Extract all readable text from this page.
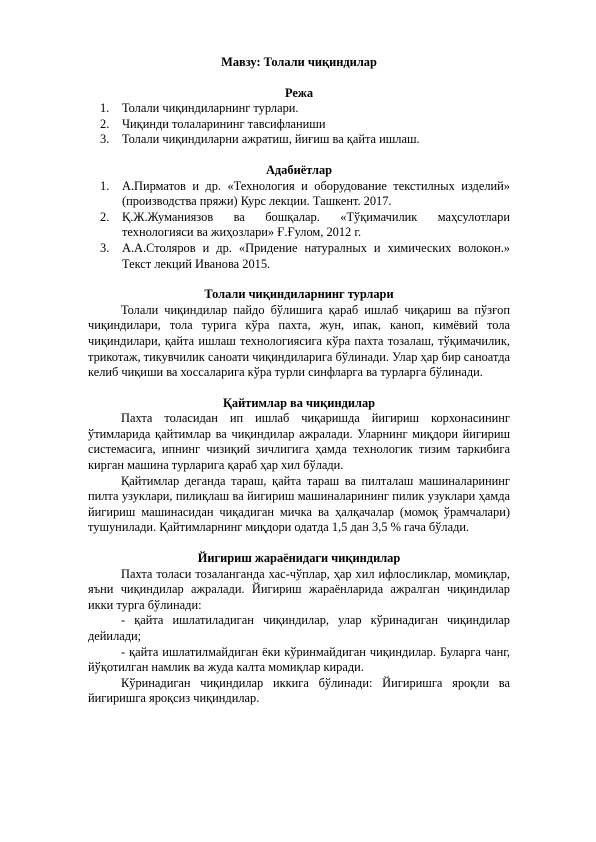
Мавзу: Толали чиқиндилар
Режа
1. Толали чиқиндиларнинг турлари.
2. Чиқинди толаларининг тавсифланиши
3. Толали чиқиндиларни ажратиш, йиғиш ва қайта ишлаш.
Адабиётлар
1. А.Пирматов и др. «Технология и оборудование текстилных изделий» (производства пряжи) Курс лекции. Ташкент. 2017.
2. Қ.Ж.Жуманиязов ва бошқалар. «Тўқимачилик маҳсулотлари технологияси ва жиҳозлари» Ғ.Ғулом, 2012 г.
3. А.А.Столяров и др. «Придение натуралных и химических волокон.» Текст лекций Иванова 2015.
Толали чиқиндиларнинг турлари

Толали чиқиндилар пайдо бўлишига қараб ишлаб чиқариш ва пўзғоп чиқиндилари, тола турига кўра пахта, жун, ипак, каноп, кимёвий тола чиқиндилари, қайта ишлаш технологиясига кўра пахта тозалаш, тўқимачилик, трикотаж, тикувчилик саноати чиқиндиларига бўлинади. Улар ҳар бир саноатда келиб чиқиши ва хоссаларига кўра турли синфларга ва турларга бўлинади.

Қайтимлар ва чиқиндилар

Пахта толасидан ип ишлаб чиқаришда йигириш корхонасининг ўтимларида қайтимлар ва чиқиндилар ажралади. Уларнинг миқдори йигириш системасига, ипнинг чизиқий зичлигига ҳамда технологик тизим таркибига кирган машина турларига қараб ҳар хил бўлади.

Қайтимлар деганда тараш, қайта тараш ва пилталаш машиналарининг пилта узуклари, пилиқлаш ва йигириш машиналарининг пилик узуклари ҳамда йигириш машинасидан чиқадиган мичка ва ҳалқачалар (момоқ ўрамчалари) тушунилади. Қайтимларнинг миқдори одатда 1,5 дан 3,5 % гача бўлади.

Йигириш жараёнидаги чиқиндилар

Пахта толаси тозаланганда хас-чўплар, ҳар хил ифлосликлар, момиқлар, яъни чиқиндилар ажралади. Йигириш жараёнларида ажралган чиқиндилар икки турга бўлинади:

- қайта ишлатиладиган чиқиндилар, улар кўринадиган чиқиндилар дейилади;

- қайта ишлатилмайдиган ёки кўринмайдиган чиқиндилар. Буларга чанг, йўқотилган намлик ва жуда калта момиқлар киради.

Кўринадиган чиқиндилар иккига бўлинади: Йигиришга яроқли ва йигиришга яроқсиз чиқиндилар.
